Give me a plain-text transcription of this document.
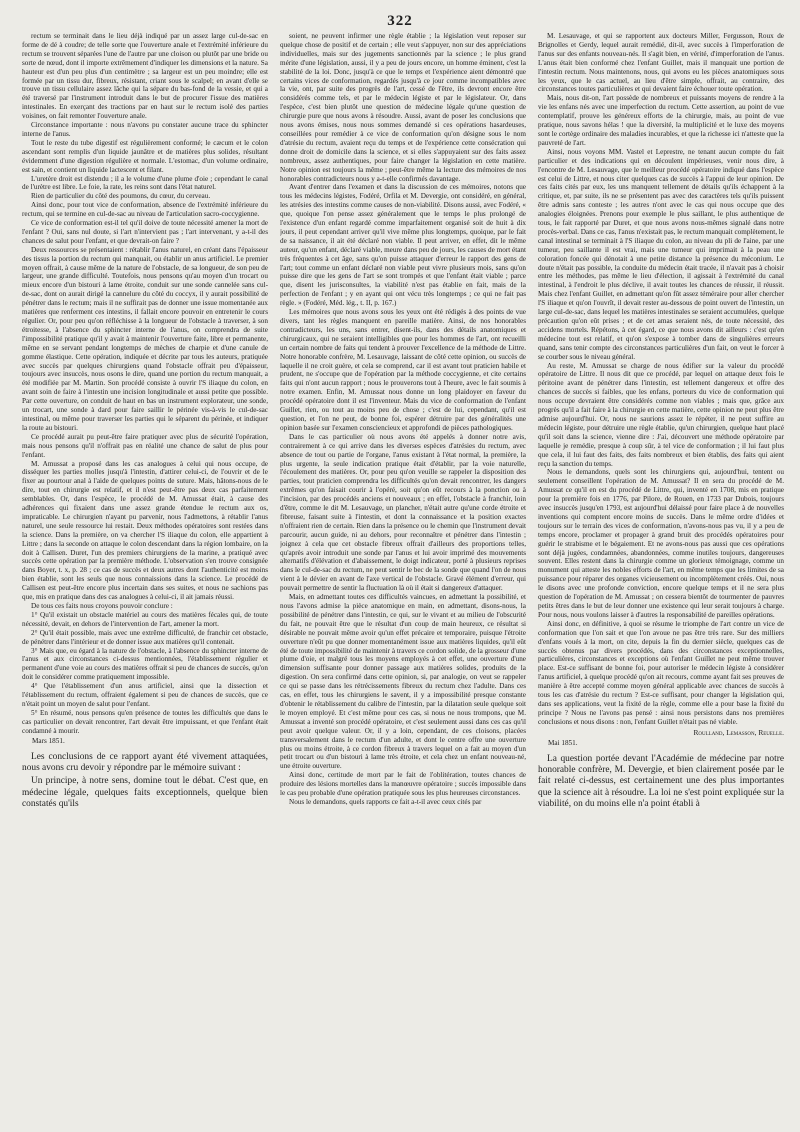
322

rectum se terminait dans le lieu déjà indiqué par un assez large cul-de-sac en forme de dé à coudre; de telle sorte que l'ouverture anale et l'extrémité inférieure du rectum se trouvent séparées l'une de l'autre par une cloison ou plutôt par une bride ou sorte de nœud, dont il importe extrêmement d'indiquer les dimensions et la nature. Sa hauteur est d'un peu plus d'un centimètre ; sa largeur est un peu moindre; elle est formée par un tissu dur, fibreux, résistant, criant sous le scalpel; en avant d'elle se trouve un tissu cellulaire assez lâche qui la sépare du bas-fond de la vessie, et qui a été traversé par l'instrument introduit dans le but de procurer l'issue des matières intestinales. En exerçant des tractions par en haut sur le rectum isolé des parties voisines, on fait remonter l'ouverture anale.

Circonstance importante : nous n'avons pu constater aucune trace du sphincter interne de l'anus.

Tout le reste du tube digestif est régulièrement conformé; le cæcum et le colon ascendant sont remplis d'un liquide jaunâtre et de matières plus solides, résultant évidemment d'une digestion régulière et normale. L'estomac, d'un volume ordinaire, est sain, et contient un liquide lactescent et filant.

L'uretère droit est distendu ; il a le volume d'une plume d'oie ; cependant le canal de l'urètre est libre. Le foie, la rate, les reins sont dans l'état naturel.

Rien de particulier du côté des poumons, du cœur, du cerveau.

Ainsi donc, pour tout vice de conformation, absence de l'extrémité inférieure du rectum, qui se termine en cul-de-sac au niveau de l'articulation sacro-coccygienne.

Ce vice de conformation est-il tel qu'il doive de toute nécessité amener la mort de l'enfant ? Oui, sans nul doute, si l'art n'intervient pas ; l'art intervenant, y a-t-il des chances de salut pour l'enfant, et que devrait-on faire ?

Deux ressources se présentaient : rétablir l'anus naturel, en créant dans l'épaisseur des tissus la portion du rectum qui manquait, ou établir un anus artificiel. Le premier moyen offrait, à cause même de la nature de l'obstacle, de sa longueur, de son peu de largeur, une grande difficulté. Toutefois, nous pensons qu'au moyen d'un trocart ou mieux encore d'un bistouri à lame étroite, conduit sur une sonde cannelée sans cul-de-sac, dont on aurait dirigé la cannelure du côté du coccyx, il y aurait possibilité de pénétrer dans le rectum; mais il ne suffirait pas de donner une issue momentanée aux matières que renferment ces intestins, il fallait encore pouvoir en entretenir le cours régulier. Or, pour peu qu'on réfléchisse à la longueur de l'obstacle à traverser, à son étroitesse, à l'absence du sphincter interne de l'anus, on comprendra de suite l'impossibilité pratique qu'il y avait à maintenir l'ouverture faite, libre et permanente, même en se servant pendant longtemps de mèches de charpie et d'une canule de gomme élastique. Cette opération, indiquée et décrite par tous les auteurs, pratiquée avec succès par quelques chirurgiens quand l'obstacle offrait peu d'épaisseur, toujours avec insuccès, nous osons le dire, quand une portion du rectum manquait, a été modifiée par M. Martin. Son procédé consiste à ouvrir l'S iliaque du colon, en avant soin de faire à l'intestin une incision longitudinale et aussi petite que possible. Par cette ouverture, on conduit de haut en bas un instrument explorateur, une sonde, un trocart, une sonde à dard pour faire saillir le périnée vis-à-vis le cul-de-sac intestinal, ou même pour traverser les parties qui le séparent du périnée, et indiquer la route au bistouri.

Ce procédé aurait pu peut-être faire pratiquer avec plus de sécurité l'opération, mais nous pensons qu'il n'offrait pas en réalité une chance de salut de plus pour l'enfant.

M. Amussat a proposé dans les cas analogues à celui qui nous occupe, de disséquer les parties molles jusqu'à l'intestin, d'attirer celui-ci, de l'ouvrir et de le fixer au pourtour anal à l'aide de quelques points de suture. Mais, hâtons-nous de le dire, tout en chirurgie est relatif, et il n'est peut-être pas deux cas parfaitement semblables. Or, dans l'espèce, le procédé de M. Amussat était, à cause des adhérences qui fixaient dans une assez grande étendue le rectum aux os, impraticable. Le chirurgien n'ayant pu parvenir, nous l'admettons, à rétablir l'anus naturel, une seule ressource lui restait. Deux méthodes opératoires sont restées dans la science. Dans la première, on va chercher l'S iliaque du colon, elle appartient à Littre ; dans la seconde on attaque le colon descendant dans la région lombaire, on la doit à Callisen. Duret, l'un des premiers chirurgiens de la marine, a pratiqué avec succès cette opération par la première méthode. L'observation s'en trouve consignée dans Boyer, t. x, p. 28 ; ce cas de succès et deux autres dont l'authenticité est moins bien établie, sont les seuls que nous connaissions dans la science. Le procédé de Callisen est peut-être encore plus incertain dans ses suites, et nous ne sachions pas que, mis en pratique dans des cas analogues à celui-ci, il ait jamais réussi.

De tous ces faits nous croyons pouvoir conclure :

1° Qu'il existait un obstacle matériel au cours des matières fécales qui, de toute nécessité, devait, en dehors de l'intervention de l'art, amener la mort.

2° Qu'il était possible, mais avec une extrême difficulté, de franchir cet obstacle, de pénétrer dans l'intérieur et de donner issue aux matières qu'il contenait.

3° Mais que, eu égard à la nature de l'obstacle, à l'absence du sphincter interne de l'anus et aux circonstances ci-dessus mentionnées, l'établissement régulier et permanent d'une voie au cours des matières offrait si peu de chances de succès, qu'on doit le considérer comme pratiquement impossible.

4° Que l'établissement d'un anus artificiel, ainsi que la dissection et l'établissement du rectum, offraient également si peu de chances de succès, que ce n'était point un moyen de salut pour l'enfant.

5° En résumé, nous pensons qu'en présence de toutes les difficultés que dans le cas particulier on devait rencontrer, l'art devait être impuissant, et que l'enfant était condamné à mourir.

Mars 1851.

Les conclusions de ce rapport ayant été vivement attaquées, nous avons cru devoir y répondre par le mémoire suivant :

Un principe, à notre sens, domine tout le débat. C'est que, en médecine légale, quelques faits exceptionnels, quelque bien constatés qu'ils

soient, ne peuvent infirmer une règle établie ; la législation veut reposer sur quelque chose de positif et de certain ; elle veut s'appuyer, non sur des appréciations individuelles, mais sur des jugements sanctionnés par la science ; le plus grand mérite d'une législation, aussi, il y a peu de jours encore, un homme éminent, c'est la stabilité de la loi. Donc, jusqu'à ce que le temps et l'expérience aient démontré que certains vices de conformation, regardés jusqu'à ce jour comme incompatibles avec la vie, ont, par suite des progrès de l'art, cessé de l'être, ils devront encore être considérés comme tels, et par le médecin légiste et par le législateur. Or, dans l'espèce, c'est bien plutôt une question de médecine légale qu'une question de chirurgie pure que nous avons à résoudre. Aussi, avant de poser les conclusions que nous avons émises, nous nous sommes demandé si ces opérations hasardeuses, conseillées pour remédier à ce vice de conformation qu'on désigne sous le nom d'atrésie du rectum, avaient reçu du temps et de l'expérience cette consécration qui donne droit de domicile dans la science, et si elles s'appuyaient sur des faits assez nombreux, assez authentiques, pour faire changer la législation en cette matière. Notre opinion est toujours la même ; peut-être même la lecture des mémoires de nos honorables contradicteurs nous y a-t-elle confirmés davantage.

Avant d'entrer dans l'examen et dans la discussion de ces mémoires, notons que tous les médecins légistes, Fodéré, Orfila et M. Devergie, ont considéré, en général, les atrésies des intestins comme causes de non-viabilité. Disons aussi, avec Fodéré, « que, quoique l'on pense assez généralement que le temps le plus prolongé de l'existence d'un enfant regardé comme imparfaitement organisé soit de huit à dix jours, il peut cependant arriver qu'il vive même plus longtemps, quoique, par le fait de sa naissance, il ait été déclaré non viable. Il peut arriver, en effet, dit le même auteur, qu'un enfant, déclaré viable, meure dans peu de jours, les causes de mort étant très fréquentes à cet âge, sans qu'on puisse attaquer d'erreur le rapport des gens de l'art; tout comme un enfant déclaré non viable peut vivre plusieurs mois, sans qu'on puisse dire que les gens de l'art se sont trompés et que l'enfant était viable ; parce que, disent les jurisconsultes, la viabilité n'est pas établie en fait, mais de la perfection de l'enfant ; y en ayant qui ont vécu très longtemps ; ce qui ne fait pas règle. » (Fodéré, Méd. lég., t. II, p. 167.)

Les mémoires que nous avons sous les yeux ont été rédigés à des points de vue divers, tant les règles manquent en pareille matière. Ainsi, de nos honorables contradicteurs, les uns, sans entrer, disent-ils, dans des détails anatomiques et chirurgicaux, qui ne seraient intelligibles que pour les hommes de l'art, ont recueilli un certain nombre de faits qui tendent à prouver l'excellence de la méthode de Littre. Notre honorable confrère, M. Lesauvage, laissant de côté cette opinion, ou succès de laquelle il ne croit guère, et cela se comprend, car il est avant tout praticien habile et prudent, ne s'occupe que de l'opération par la méthode coccygienne, et cite certains faits qui n'ont aucun rapport ; nous le prouverons tout à l'heure, avec le fait soumis à notre examen. Enfin, M. Amussat nous donne un long plaidoyer en faveur du procédé opératoire dont il est l'inventeur. Mais du vice de conformation de l'enfant Guillet, rien, ou tout au moins peu de chose ; c'est de lui, cependant, qu'il est question, et l'on ne peut, de bonne foi, espérer détruire par des généralités une opinion basée sur l'examen consciencieux et approfondi de pièces pathologiques.

Dans le cas particulier où nous avons été appelés à donner notre avis, contrairement à ce qui arrive dans les diverses espèces d'atrésies du rectum, avec absence de tout ou partie de l'organe, l'anus existant à l'état normal, la première, la plus urgente, la seule indication pratique était d'établir, par la voie naturelle, l'écoulement des matières. Or, pour peu qu'on veuille se rappeler la disposition des parties, tout praticien comprendra les difficultés qu'on devait rencontrer, les dangers extrêmes qu'on faisait courir à l'opéré, soit qu'on eût recours à la ponction ou à l'incision, par des procédés anciens et nouveaux ; en effet, l'obstacle à franchir, loin d'être, comme le dit M. Lesauvage, un plancher, n'était autre qu'une corde étroite et fibreuse, faisant suite à l'intestin, et dont la connaissance et la position exactes n'offraient rien de certain. Rien dans la présence ou le chemin que l'instrument devait parcourir, aucun guide, ni au dehors, pour reconnaître et pénétrer dans l'intestin ; joignez à cela que cet obstacle fibreux offrait d'ailleurs des proportions telles, qu'après avoir introduit une sonde par l'anus et lui avoir imprimé des mouvements alternatifs d'élévation et d'abaissement, le doigt indicateur, porté à plusieurs reprises dans le cul-de-sac du rectum, ne peut sentir le bec de la sonde que quand l'on de nous vient à le dévier en avant de l'axe vertical de l'obstacle. Gravé élément d'erreur, qui pouvait permettre de sentir la fluctuation là où il était si dangereux d'attaquer.

Mais, en admettant toutes ces difficultés vaincues, en admettant la possibilité, et nous l'avons admise la pièce anatomique en main, en admettant, disons-nous, la possibilité de pénétrer dans l'intestin, ce qui, sur le vivant et au milieu de l'obscurité du fait, ne pouvait être que le résultat d'un coup de main heureux, ce résultat si désirable ne pouvait même avoir qu'un effet précaire et temporaire, puisque l'étroite ouverture n'eût pu que donner momentanément issue aux matières liquides, qu'il eût été de toute impossibilité de maintenir à travers ce cordon solide, de la grosseur d'une plume d'oie, et malgré tous les moyens employés à cet effet, une ouverture d'une dimension suffisante pour donner passage aux matières solides, produits de la digestion. On sera confirmé dans cette opinion, si, par analogie, on veut se rappeler ce qui se passe dans les rétrécissements fibreux du rectum chez l'adulte. Dans ces cas, en effet, tous les chirurgiens le savent, il y a impossibilité presque constante d'obtenir le rétablissement du calibre de l'intestin, par la dilatation seule quelque soit le moyen employé. Et c'est même pour ces cas, si nous ne nous trompons, que M. Amussat a inventé son procédé opératoire, et c'est seulement aussi dans ces cas qu'il peut avoir quelque valeur. Or, il y a loin, cependant, de ces cloisons, placées transversalement dans le rectum d'un adulte, et dont le centre offre une ouverture plus ou moins étroite, à ce cordon fibreux à travers lequel on a fait au moyen d'un petit trocart ou d'un bistouri à lame très étroite, et cela chez un enfant nouveau-né, une étroite ouverture.

Ainsi donc, certitude de mort par le fait de l'oblitération, toutes chances de produire des lésions mortelles dans la manœuvre opératoire ; succès impossible dans le cas peu probable d'une opération pratiquée sous les plus heureuses circonstances.

Nous le demandons, quels rapports ce fait a-t-il avec ceux cités par

M. Lesauvage, et qui se rapportent aux docteurs Miller, Fergusson, Roux de Brignolles et Gerdy, lequel aurait remédié, dit-il, avec succès à l'imperforation de l'anus sur des enfants nouveau-nés. Il s'agit bien, en vérité, d'imperforation de l'anus. L'anus était bien conformé chez l'enfant Guillet, mais il manquait une portion de l'intestin rectum. Nous maintenons, nous, qui avons eu les pièces anatomiques sous les yeux, que le cas actuel, au lieu d'être simple, offrait, au contraire, des circonstances toutes particulières et qui devaient faire échouer toute opération.

Mais, nous dit-on, l'art possède de nombreux et puissants moyens de rendre à la vie les enfans nés avec une imperfection du rectum. Cette assertion, au point de vue contemplatif, prouve les généreux efforts de la chirurgie, mais, au point de vue pratique, nous savons hélas ! que la diversité, la multiplicité et le luxe des moyens sont le cortège ordinaire des maladies incurables, et que la richesse ici n'atteste que la pauvreté de l'art.

Ainsi, nous voyons MM. Vastel et Leprestre, ne tenant aucun compte du fait particulier et des indications qui en découlent impérieuses, venir nous dire, à l'encontre de M. Lesauvage, que le meilleur procédé opératoire indiqué dans l'espèce est celui de Littre, et nous citer quelques cas de succès à l'appui de leur opinion. De ces faits cités par eux, les uns manquent tellement de détails qu'ils échappent à la critique, et, par suite, ils ne se présentent pas avec des caractères tels qu'ils puissent être admis sans conteste ; les autres n'ont avec le cas qui nous occupe que des analogies éloignées. Prenons pour exemple le plus saillant, le plus authentique de tous, le fait rapporté par Duret, et que nous avons nous-mêmes signalé dans notre procès-verbal. Dans ce cas, l'anus n'existait pas, le rectum manquait complètement, le canal intestinal se terminait à l'S iliaque du colon, au niveau du pli de l'aine, par une tumeur, peu saillante il est vrai, mais une tumeur qui imprimait à la peau une coloration foncée qui dénotait à une petite distance la présence du méconium. Le doute n'était pas possible, la conduite du médecin était tracée, il n'avait pas à choisir entre les méthodes, pas même le lieu d'élection, il agissait à l'extrémité du canal intestinal, à l'endroit le plus déclive, il avait toutes les chances de réussir, il réussit. Mais chez l'enfant Guillet, en admettant qu'on fût assez téméraire pour aller chercher l'S iliaque et qu'on l'ouvrît, il devait rester au-dessous de point ouvert de l'intestin, un large cul-de-sac, dans lequel les matières intestinales se seraient accumulées, quelque précaution qu'on eût prises ; et de cet amas seraient nés, de toute nécessité, des accidens mortels. Répétons, à cet égard, ce que nous avons dit ailleurs : c'est qu'en médecine tout est relatif, et qu'on s'expose à tomber dans de singulières erreurs quand, sans tenir compte des circonstances particulières d'un fait, on veut le forcer à se courber sous le niveau général.

Au reste, M. Amussat se charge de nous édifier sur la valeur du procédé opératoire de Littre. Il nous dit que ce procédé, par lequel on attaque deux fois le péritoine avant de pénétrer dans l'intestin, est tellement dangereux et offre des chances de succès si faibles, que les enfans, porteurs du vice de conformation qui nous occupe devraient être considérés comme non viables ; mais que, grâce aux progrès qu'il a fait faire à la chirurgie en cette matière, cette opinion ne peut plus être admise aujourd'hui. Or, nous ne saurions assez le répéter, il ne peut suffire au médecin légiste, pour détruire une règle établie, qu'un chirurgien, quelque haut placé qu'il soit dans la science, vienne dire : J'ai, découvert une méthode opératoire par laquelle je remédie, presque à coup sûr, à tel vice de conformation ; il lui faut plus que cela, il lui faut des faits, des faits nombreux et bien établis, des faits qui aient reçu la sanction du temps.

Nous le demandons, quels sont les chirurgiens qui, aujourd'hui, tentent ou seulement conseillent l'opération de M. Amussat? Il en sera du procédé de M. Amussat ce qu'il en est du procédé de Littre, qui, inventé en 1708, mis en pratique pour la première fois en 1776, par Pilore, de Rouen, en 1733 par Dubois, toujours avec insuccès jusqu'en 1793, est aujourd'hui délaissé pour faire place à de nouvelles inventions qui comptent encore moins de succès. Dans le même ordre d'idées et toujours sur le terrain des vices de conformation, n'avons-nous pas vu, il y a peu de temps encore, proclamer et propager à grand bruit des procédés opératoires pour guérir le strabisme et le bégaiement. Et ne avons-nous pas aussi que ces opérations sont déjà jugées, condamnées, abandonnées, comme inutiles toujours, dangereuses souvent. Elles restent dans la chirurgie comme un glorieux témoignage, comme un monument qui atteste les nobles efforts de l'art, en même temps que les limites de sa puissance pour réparer des organes vicieusement ou incomplètement créés. Oui, nous le disons avec une profonde conviction, encore quelque temps et il ne sera plus question de l'opération de M. Amussat ; on cessera bientôt de tourmenter de pauvres petits êtres dans le but de leur donner une existence qui leur serait toujours à charge. Pour nous, nous voulons laisser à d'autres la responsabilité de pareilles opérations.

Ainsi donc, en définitive, à quoi se résume le triomphe de l'art contre un vice de conformation que l'on sait et que l'on avoue ne pas être très rare. Sur des milliers d'enfans voués à la mort, on cite, depuis la fin du dernier siècle, quelques cas de succès obtenus par divers procédés, dans des circonstances exceptionnelles, particulières, circonstances et exceptions où l'enfant Guillet ne peut même trouver place. Est-ce suffisant de bonne foi, pour autoriser le médecin légiste à considérer l'anus artificiel, à quelque procédé qu'on ait recours, comme ayant fait ses preuves de manière à être accepté comme moyen général applicable avec chances de succès à tous les cas d'atrésie du rectum ? Est-ce suffisant, pour changer la législation qui, dans ses applications, veut la fixité de la règle, comme elle a pour base la fixité du principe ? Nous ne l'avons pas pensé : ainsi nous persistons dans nos premières conclusions et nous disons : non, l'enfant Guillet n'était pas né viable.

Roulland, Lemasson, Reuelle.
Mai 1851.

La question portée devant l'Académie de médecine par notre honorable confrère, M. Devergie, et bien clairement posée par le fait relaté ci-dessus, est certainement une des plus importantes que la science ait à résoudre. La loi ne s'est point expliquée sur la viabilité, on du moins elle n'a point établi à
